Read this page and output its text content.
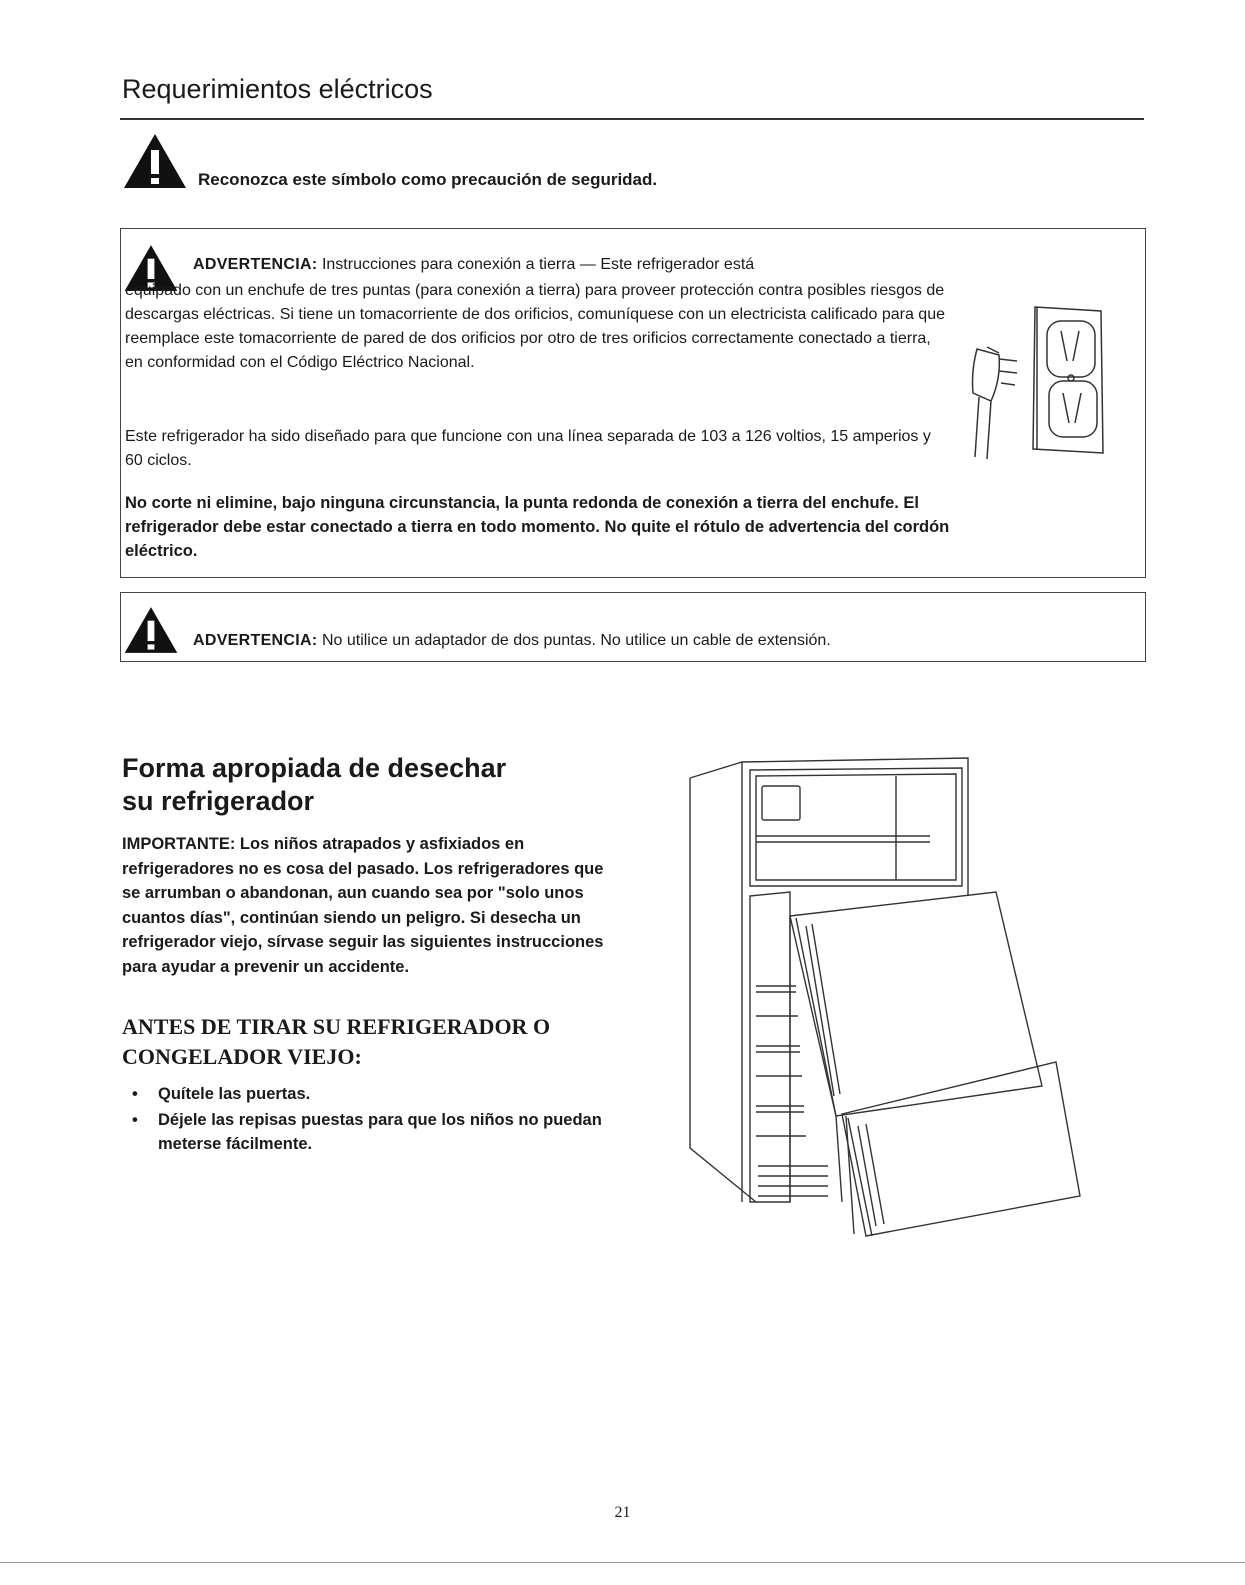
Requerimientos eléctricos
Reconozca este símbolo como precaución de seguridad.

ADVERTENCIA: Instrucciones para conexión a tierra — Este refrigerador está

equipado con un enchufe de tres puntas (para conexión a tierra) para proveer protección contra posibles riesgos de descargas eléctricas. Si tiene un tomacorriente de dos orificios, comuníquese con un electricista calificado para que reemplace este tomacorriente de pared de dos orificios por otro de tres orificios correctamente conectado a tierra, en conformidad con el Código Eléctrico Nacional.

Este refrigerador ha sido diseñado para que funcione con una línea separada de 103 a 126 voltios, 15 amperios y 60 ciclos.

No corte ni elimine, bajo ninguna circunstancia, la punta redonda de conexión a tierra del enchufe. El refrigerador debe estar conectado a tierra en todo momento. No quite el rótulo de advertencia del cordón eléctrico.

ADVERTENCIA: No utilice un adaptador de dos puntas. No utilice un cable de extensión.

Forma apropiada de desechar
su refrigerador

IMPORTANTE: Los niños atrapados y asfixiados en refrigeradores no es cosa del pasado. Los refrigeradores que se arrumban o abandonan, aun cuando sea por "solo unos cuantos días", continúan siendo un peligro. Si desecha un refrigerador viejo, sírvase seguir las siguientes instrucciones para ayudar a prevenir un accidente.

ANTES DE TIRAR SU REFRIGERADOR O CONGELADOR VIEJO:
• Quítele las puertas.
• Déjele las repisas puestas para que los niños no puedan meterse fácilmente.
21
